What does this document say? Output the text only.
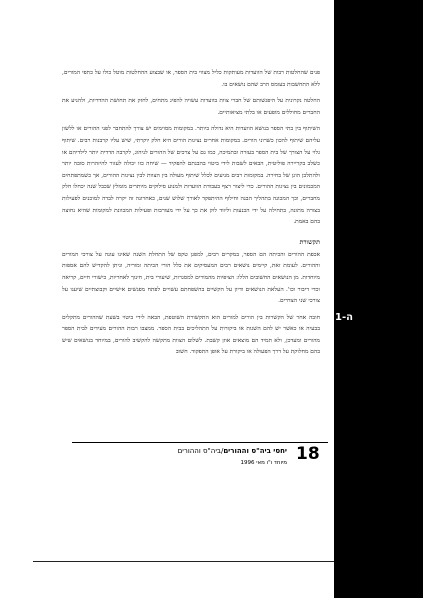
ה-1

פנים שהחלטות רבות של הוועדות מעותקות כליל מצווי בית הספר, או שבצוע ההחלטות מוטל כולו על כתפי המורים, ללא התחשבות בעומס הרב שהם נושאים בו.

החלטה נקרונית על היפגשותם של חברי צוות בוועדות עשויה להפיג מתחים, לחזק את תחושת ההדדיות, ולהניע את החברים מחוללים מופעים או בלתי מציאותיים.

השיתוף בין בתי הספר בנושא הוועדות היא נדולה ביותר. במקומות מסוימים יש צורך להתחבר לפני ההורים או ללשון עליהם שיתוף להכון כשרוני הורים. במקומות אחרים נציגות הורים היא חלק יוקרתי, שיש עליו קרבנות רבים. שיתוף גלוי על הצורך של בית הספר בעזרה ובתמיכה, כמו גם על צרכים של ההורים לניהוג, לקרבה הדדית יותר לילדיהם או כשלב בקריירה פוליטית, הבאים לשבות לידי ביטוי בהבנתם להפקיד — שיחה כזו יכולה לעזור להיזהרות סובה יותר ולהתלבן הוגן של בחירה. במקומות רבים מניעים לכלל שיתוף מעולה בין הצוות לבין נציגות ההורים, אך כשמתפתחים המכמונים בין נציגות ההורים. כדי ליצור רצף בעבודת הוועדות ולמנוע סילוקים מיותרים מומלץ שכבל שנה יכחלו חלק מחברים, וכך המכונה בתהליך הבנה וחילוף ההיתפקד לאורך שלוש שנים, כאחרונה זה יקרה לבדה למוכנים לפעילות בצורה מתונה, בתחילה על ידי הכנעות וליווד לוק את כך על ידי מעורבות ופעילות המכוונת למקומות שהיא נחוצה בהם באמת.

תקשורת

אכפת ההורים והכיתה הם הספר, במקרים רבים, למפגן טקס של התחלת השנה שאינו עונה על צורכי המורים וההורים. לעומת זאת, קיימים נושאים רבים המעסיקים את כלל הורי הכיתה ומוריה, וניתן להקדיש להם אספות מיוחדות. מן הנושאים החשובים הללו: הציפיות מהמורים למסגרות, שיעורי בית, חינוך לאחריות, כישורי חיים, קריאה וכדי דיבור וכו'. העלאת הנושאים ודיון על הקשיים בהשפחתם עשויים לפתח מפגשים אישיים וקבוצתיים שיענו על צורכי שני הצדדים.

חובה אחר של הקשרות בין הורים למורים הוא התקשורת השוטפת, הבאה לידי ביטוי בשעת שההורים מתקלים בבעיה או כאשר יש להם השגות או ביקורות על התהליכים בבית הספר. ממצבו רבות ההורים מעידים לבית הספר מהורים ומעדכן, ולא תמיד הם מוצאים אוזן קשבת. לשלום הצוות מתקשה להקשיב להורים, במיוחד בנושאים שיש בהם מחלוקת על דרך הפעולה או ביקורת על אופן התפקוד. חשוב

18
יחסי ביה"ס וההורים/ביה"ס וההורים
מיוחד ו"ו מאי 1996
